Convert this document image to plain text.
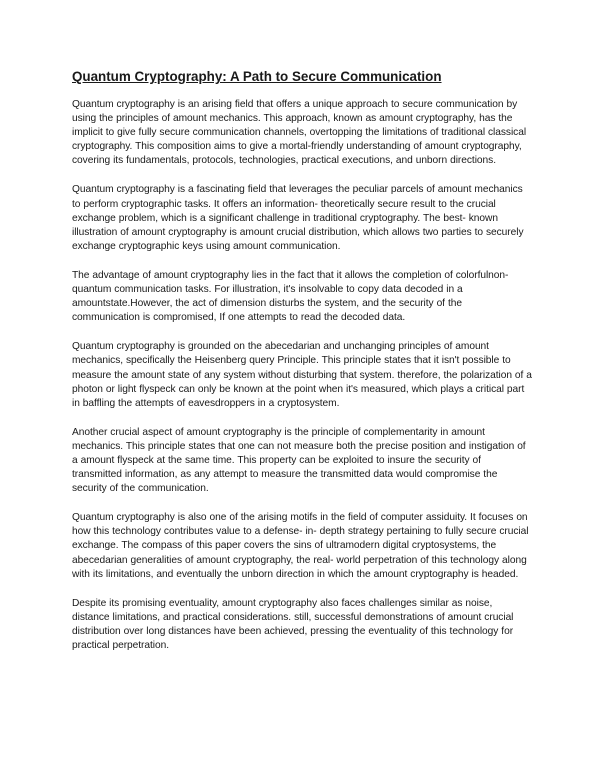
Quantum Cryptography: A Path to Secure Communication

Quantum cryptography is an arising field that offers a unique approach to secure communication by using the principles of amount mechanics. This approach, known as amount cryptography, has the implicit to give fully secure communication channels, overtopping the limitations of traditional classical cryptography. This composition aims to give a mortal-friendly understanding of amount cryptography, covering its fundamentals, protocols, technologies, practical executions, and unborn directions.

Quantum cryptography is a fascinating field that leverages the peculiar parcels of amount mechanics to perform cryptographic tasks. It offers an information- theoretically secure result to the crucial exchange problem, which is a significant challenge in traditional cryptography. The best- known illustration of amount cryptography is amount crucial distribution, which allows two parties to securely exchange cryptographic keys using amount communication.

The advantage of amount cryptography lies in the fact that it allows the completion of colorfulnon-quantum communication tasks. For illustration, it's insolvable to copy data decoded in a amountstate.However, the act of dimension disturbs the system, and the security of the communication is compromised, If one attempts to read the decoded data.

Quantum cryptography is grounded on the abecedarian and unchanging principles of amount mechanics, specifically the Heisenberg query Principle. This principle states that it isn't possible to measure the amount state of any system without disturbing that system. therefore, the polarization of a photon or light flyspeck can only be known at the point when it's measured, which plays a critical part in baffling the attempts of eavesdroppers in a cryptosystem.

Another crucial aspect of amount cryptography is the principle of complementarity in amount mechanics. This principle states that one can not measure both the precise position and instigation of a amount flyspeck at the same time. This property can be exploited to insure the security of transmitted information, as any attempt to measure the transmitted data would compromise the security of the communication.

Quantum cryptography is also one of the arising motifs in the field of computer assiduity. It focuses on how this technology contributes value to a defense- in- depth strategy pertaining to fully secure crucial exchange. The compass of this paper covers the sins of ultramodern digital cryptosystems, the abecedarian generalities of amount cryptography, the real- world perpetration of this technology along with its limitations, and eventually the unborn direction in which the amount cryptography is headed.

Despite its promising eventuality, amount cryptography also faces challenges similar as noise, distance limitations, and practical considerations. still, successful demonstrations of amount crucial distribution over long distances have been achieved, pressing the eventuality of this technology for practical perpetration.
